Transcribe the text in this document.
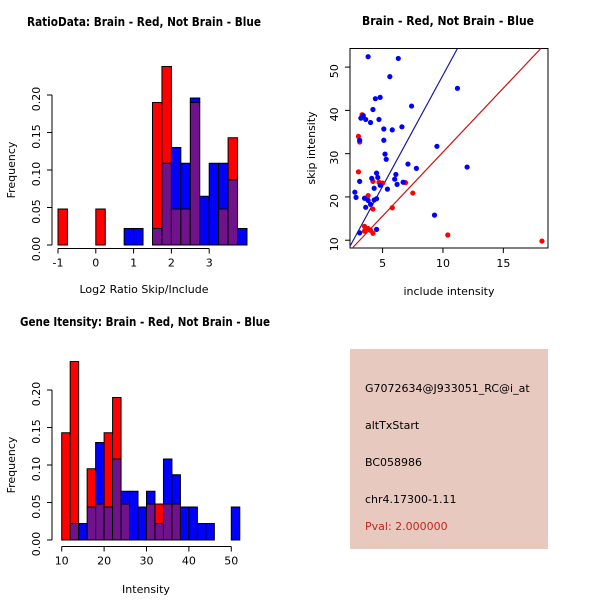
RatioData: Brain - Red, Not Brain - Blue
0.00
0.05
0.10
0.15
0.20
-1	0	1	2	3
Log2 Ratio Skip/Include
Frequency
Brain - Red, Not Brain - Blue
5	10	15
10
20
30
40
50
include intensity
skip intensity
Gene Itensity: Brain - Red, Not Brain - Blue
0.00
0.05
0.10
0.15
0.20
10	20	30	40	50
Intensity
Frequency
G7072634@J933051_RC@i_at
altTxStart
BC058986
chr4.17300-1.11
Pval: 2.000000
